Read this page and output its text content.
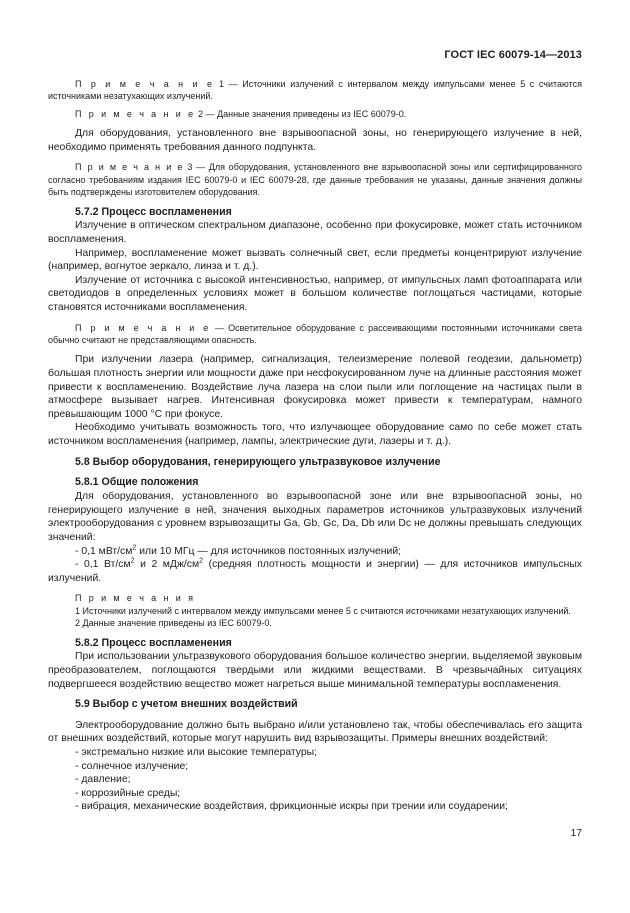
ГОСТ IEC 60079-14—2013

П р и м е ч а н и е 1 — Источники излучений с интервалом между импульсами менее 5 с считаются источниками незатухающих излучений.

П р и м е ч а н и е 2 — Данные значения приведены из IEC 60079-0.

Для оборудования, установленного вне взрывоопасной зоны, но генерирующего излучение в ней, необходимо применять требования данного подпункта.

П р и м е ч а н и е 3 — Для оборудования, установленного вне взрывоопасной зоны или сертифицированного согласно требованиям издания IEC 60079-0 и IEC 60079-28, где данные требования не указаны, данные значения должны быть подтверждены изготовителем оборудования.

5.7.2 Процесс воспламенения

Излучение в оптическом спектральном диапазоне, особенно при фокусировке, может стать источником воспламенения.

Например, воспламенение может вызвать солнечный свет, если предметы концентрируют излучение (например, вогнутое зеркало, линза и т. д.).

Излучение от источника с высокой интенсивностью, например, от импульсных ламп фотоаппарата или светодиодов в определенных условиях может в большом количестве поглощаться частицами, которые становятся источниками воспламенения.

П р и м е ч а н и е — Осветительное оборудование с рассеивающими постоянными источниками света обычно считают не представляющими опасность.

При излучении лазера (например, сигнализация, телеизмерение полевой геодезии, дальнометр) большая плотность энергии или мощности даже при несфокусированном луче на длинные расстояния может привести к воспламенению. Воздействие луча лазера на слои пыли или поглощение на частицах пыли в атмосфере вызывает нагрев. Интенсивная фокусировка может привести к температурам, намного превышающим 1000 °С при фокусе.

Необходимо учитывать возможность того, что излучающее оборудование само по себе может стать источником воспламенения (например, лампы, электрические дуги, лазеры и т. д.).

5.8 Выбор оборудования, генерирующего ультразвуковое излучение
5.8.1 Общие положения

Для оборудования, установленного во взрывоопасной зоне или вне взрывоопасной зоны, но генерирующего излучение в ней, значения выходных параметров источников ультразвуковых излучений электрооборудования с уровнем взрывозащиты Ga, Gb, Gc, Da, Db или Dc не должны превышать следующих значений:

- 0,1 мВт/$см^2$ или 10 МГц — для источников постоянных излучений;

- 0,1 $Вт/см^2$ и 2 мДж/$см^2$ (средняя плотность мощности и энергии) — для источников импульсных излучений.

П р и м е ч а н и я

1 Источники излучений с интервалом между импульсами менее 5 с считаются источниками незатухающих излучений.

2 Данные значение приведены из IEC 60079-0.

5.8.2 Процесс воспламенения

При использовании ультразвукового оборудования большое количество энергии, выделяемой звуковым преобразователем, поглощаются твердыми или жидкими веществами. В чрезвычайных ситуациях подвергшееся воздействию вещество может нагреться выше минимальной температуры воспламенения.

5.9 Выбор с учетом внешних воздействий

Электрооборудование должно быть выбрано и/или установлено так, чтобы обеспечивалась его защита от внешних воздействий, которые могут нарушить вид взрывозащиты. Примеры внешних воздействий:

- экстремально низкие или высокие температуры;

- солнечное излучение;

- давление;

- коррозийные среды;

- вибрация, механические воздействия, фрикционные искры при трении или соударении;

17
